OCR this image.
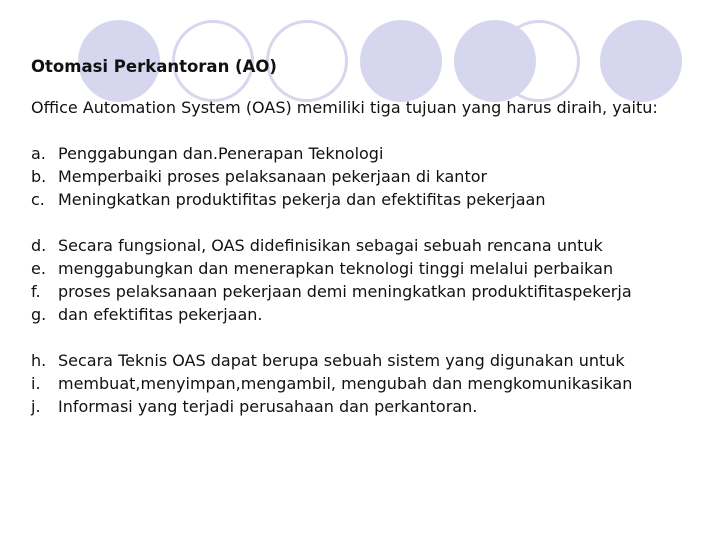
Otomasi Perkantoran (AO)
Office Automation System (OAS) memiliki tiga tujuan yang harus diraih, yaitu:
a. Penggabungan dan.Penerapan Teknologi
b. Memperbaiki proses pelaksanaan pekerjaan di kantor
c. Meningkatkan produktifitas pekerja dan efektifitas pekerjaan
d. Secara fungsional, OAS didefinisikan sebagai sebuah rencana untuk
e. menggabungkan dan menerapkan teknologi tinggi melalui perbaikan
f.	proses pelaksanaan pekerjaan demi meningkatkan produktifitaspekerja
g. dan efektifitas pekerjaan.
h. Secara Teknis OAS dapat berupa sebuah sistem yang digunakan untuk
i.	membuat,menyimpan,mengambil, mengubah dan mengkomunikasikan
j.	Informasi yang terjadi perusahaan dan perkantoran.
